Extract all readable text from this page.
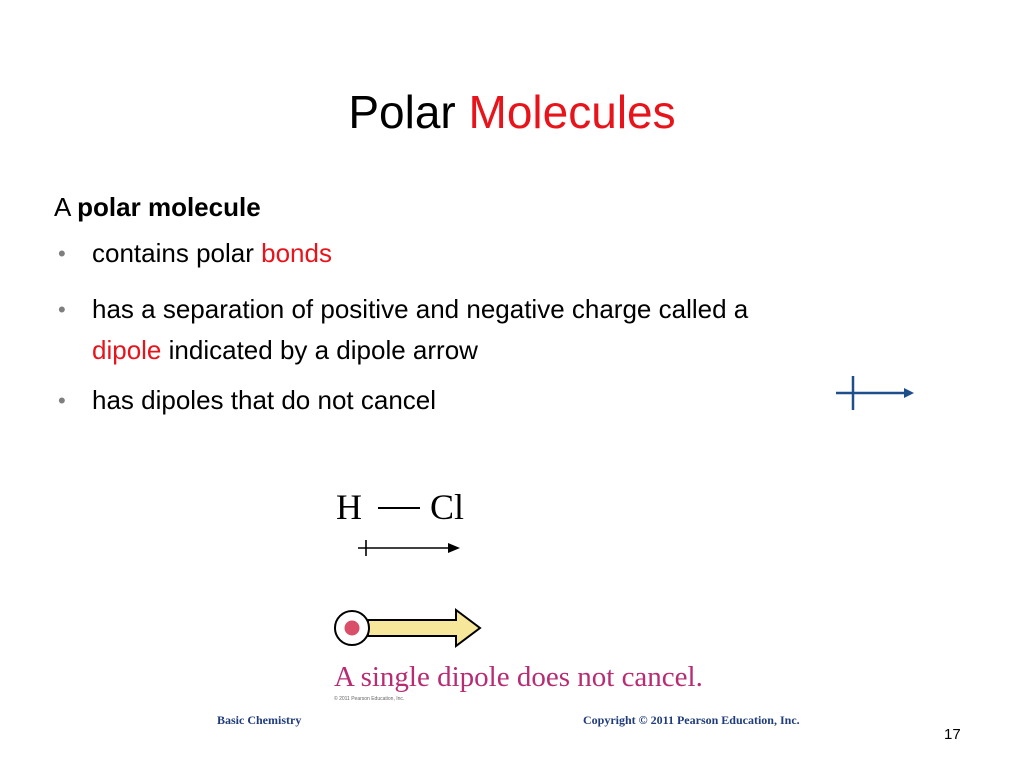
Polar Molecules
A polar molecule
• contains polar bonds
• has a separation of positive and negative charge called a
dipole indicated by a dipole arrow
• has dipoles that do not cancel
H Cl
A single dipole does not cancel.
© 2011 Pearson Education, Inc.
Basic Chemistry	Copyright © 2011 Pearson Education, Inc.
17
